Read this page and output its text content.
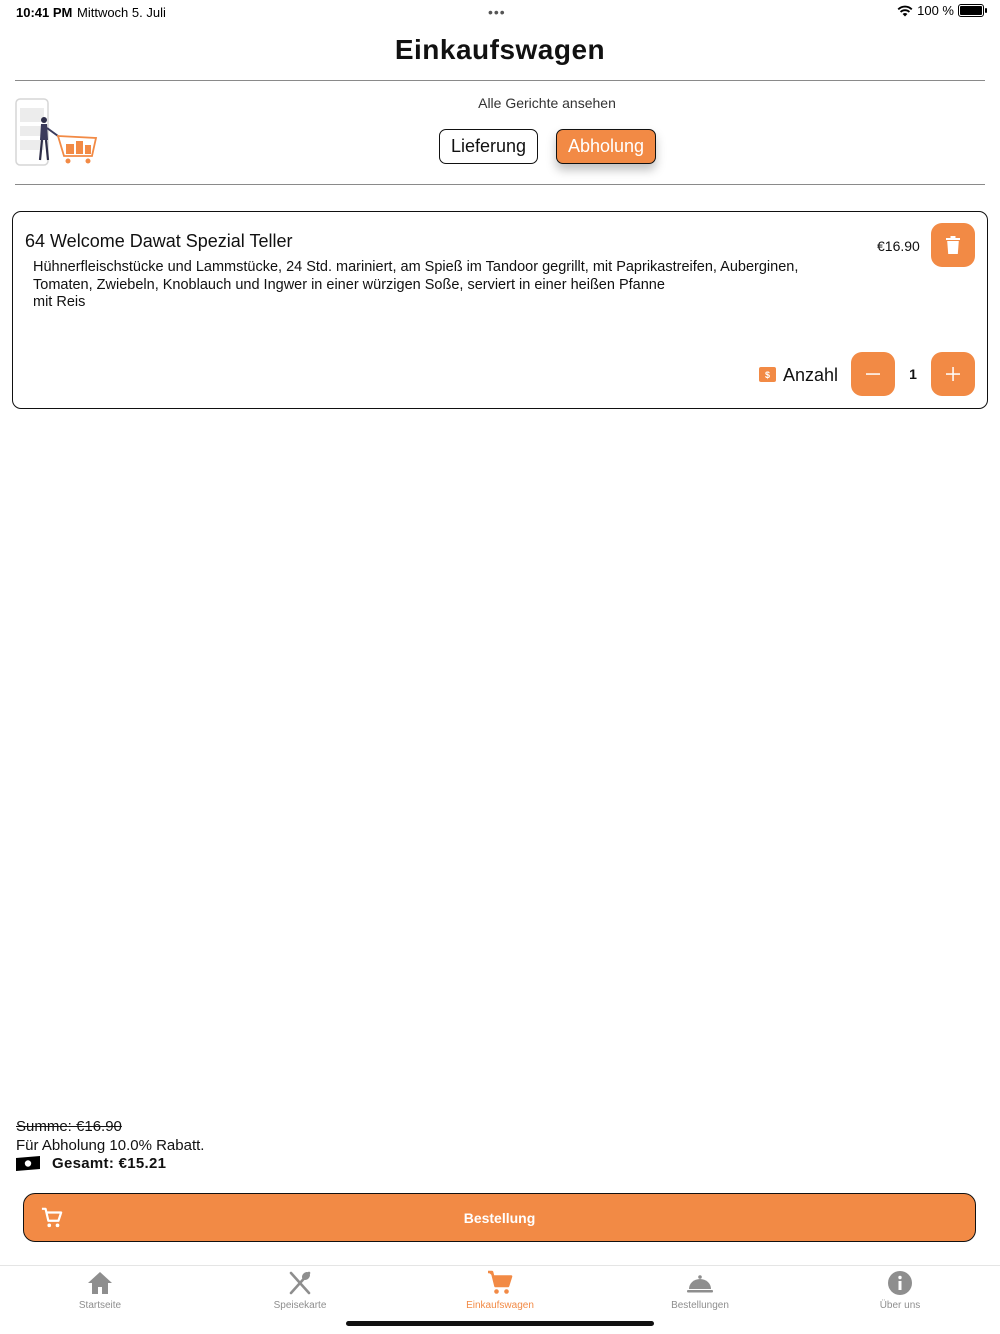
10:41 PM Mittwoch 5. Juli	•••	100 %
Einkaufswagen
Alle Gerichte ansehen
Lieferung	Abholung
64 Welcome Dawat Spezial Teller
Hühnerfleischstücke und Lammstücke, 24 Std. mariniert, am Spieß im Tandoor gegrillt, mit Paprikastreifen, Auberginen,
Tomaten, Zwiebeln, Knoblauch und Ingwer in einer würzigen Soße, serviert in einer heißen Pfanne
mit Reis
€16.90
$ Anzahl	1
Summe: €16.90
Für Abholung 10.0% Rabatt.
Gesamt: €15.21
Bestellung
Startseite	Speisekarte	Einkaufswagen	Bestellungen	Über uns
